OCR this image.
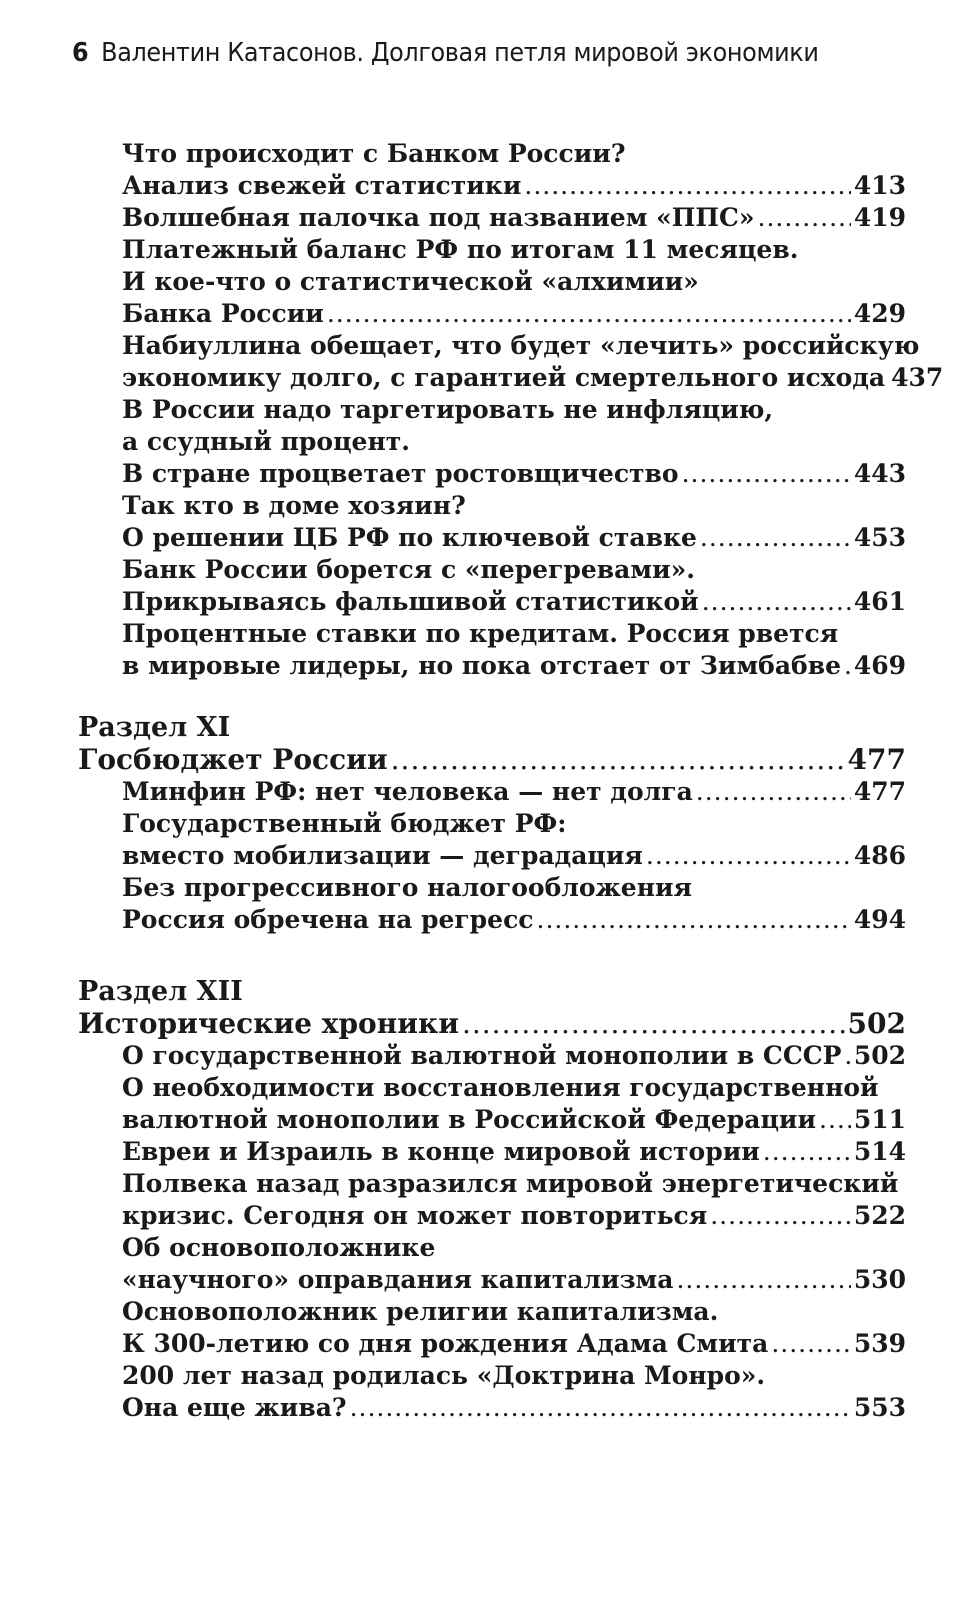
6 Валентин Катасонов. Долговая петля мировой экономики
Что происходит с Банком России?
Анализ свежей статистики .....	413
Волшебная палочка под названием «ППС» .....	419
Платежный баланс РФ по итогам 11 месяцев.
И кое-что о статистической «алхимии»
Банка России .....	429
Набиуллина обещает, что будет «лечить» российскую
экономику долго, с гарантией смертельного исхода 437
В России надо таргетировать не инфляцию,
а ссудный процент.
В стране процветает ростовщичество .....	443
Так кто в доме хозяин?
О решении ЦБ РФ по ключевой ставке .....	453
Банк России борется с «перегревами».
Прикрываясь фальшивой статистикой .....	461
Процентные ставки по кредитам. Россия рвется
в мировые лидеры, но пока отстает от Зимбабве ..... 469
Раздел XI
Госбюджет России .....	477
Минфин РФ: нет человека — нет долга .....	477
Государственный бюджет РФ:
вместо мобилизации — деградация .....	486
Без прогрессивного налогообложения
Россия обречена на регресс .....	494
Раздел XII
Исторические хроники .....	502
О государственной валютной монополии в СССР ..... 502
О необходимости восстановления государственной
валютной монополии в Российской Федерации ..... 511
Евреи и Израиль в конце мировой истории .....	514
Полвека назад разразился мировой энергетический
кризис. Сегодня он может повториться .....	522
Об основоположнике
«научного» оправдания капитализма .....	530
Основоположник религии капитализма.
К 300-летию со дня рождения Адама Смита .....	539
200 лет назад родилась «Доктрина Монро».
Она еще жива? .....	553
